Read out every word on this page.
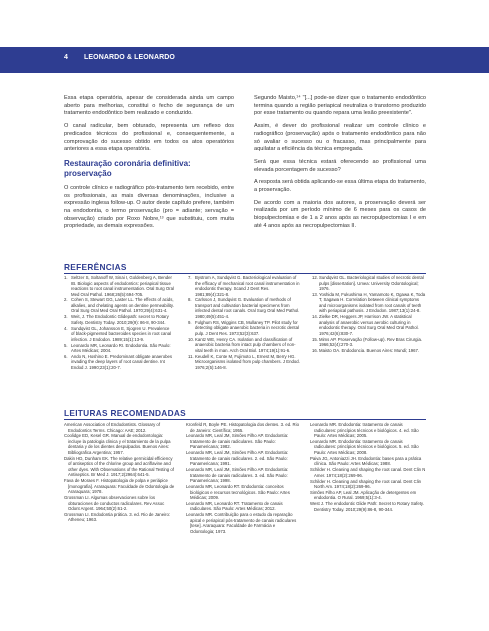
4 LEONARDO & LEONARDO

Essa etapa operatória, apesar de considerada ainda um campo aberto para melhorias, constitui o fecho de segurança de um tratamento endodôntico bem realizado e conduzido.

O canal radicular, bem obturado, representa um reflexo dos predicados técnicos do profissional e, consequentemente, a comprovação do sucesso obtido em todos os atos operatórios anteriores a essa etapa operatória.

Restauração coronária definitiva: proservação

O controle clínico e radiográfico pós-tratamento tem recebido, entre os profissionais, as mais diversas denominações, inclusive a expressão inglesa follow-up. O autor deste capítulo prefere, também na endodontia, o termo proservação (pro = adiante; servação = observação) criado por Roxo Nobre,¹³ que substituiu, com muita propriedade, as demais expressões.

Segundo Maisto,¹⁴ "[...] pode-se dizer que o tratamento endodôntico termina quando a região periapical neutraliza o transtorno produzido por esse tratamento ou quando repara uma lesão preexistente".

Assim, é dever do profissional realizar um controle clínico e radiográfico (proservação) após o tratamento endodôntico para não só avaliar o sucesso ou o fracasso, mas principalmente para aquilatar a eficiência da técnica empregada.

Será que essa técnica estará oferecendo ao profissional uma elevada porcentagem de sucesso?

A resposta será obtida aplicando-se essa última etapa do tratamento, a proservação.

De acordo com a maioria dos autores, a proservação deverá ser realizada por um período mínimo de 6 meses para os casos de biopulpectomias e de 1 a 2 anos após as necropulpectomias I e em até 4 anos após as necropulpectomias II.

REFERÊNCIAS
1. Seltzer S, Soltanoff W, Sinai I, Goldenberg A, Bender IB. Biologic aspects of endodontics: periapical tissue reactions to root canal instrumentation. Oral Surg Oral Med Oral Pathol. 1968;26(5):694-705.
2. Cohen S, Stewart GG, Laster LL. The effects of acids, alkalies, and chelating agents on dentine permeability. Oral Surg Oral Med Oral Pathol. 1970;29(4):631-4.
3. Weit, J. The Endodontic Glidepath: secret to Rotary Safety. Dentistry Today. 2010;29(9): 86-8, 90-344.
4. Sundqvist GL, Johansson E, Sjogren U. Prevalence of black-pigmented bacteroides species in root canal infection. J Endodon. 1989;15(1):13-9.
5. Leonardo MR, Leonardo RI. Endodontia. São Paulo: Artes Médicas; 2004.
6. Ando N, Hoshino E. Predominant obligate anaerobes invading the deep layers of root canal dentine. Int Endod J. 1990;23(1):20-7.
7. Bystrom A, Sundqvist G. Bacteriological evaluation of the efficacy of mechanical root canal instrumentation in endodontic therapy. Scand J Dent Res. 1981;89(4):321-8.
8. Carlsson J, Sundqvist G. Evaluation of methods of transport and cultivation bacterial specimens from infected dental root canals. Oral Surg Oral Med Pathol. 1980;49(5):451-4.
9. Fulghum RS, Wiggins CB, Mullaney TP. Pilot study for detecting obligate anaerobic bacteria in necrotic dental pulp. J Dent Res. 1973;52(3):637.
10. Kantz WE, Henry CA. Isolation and classification of anaerobic bacteria from intact pulp chambers of non-vital teeth in man. Arch Oral Biol. 1974;19(1):91-6.
11. Keudell K, Conte M, Fujimoto L, Ernest M, Berry HG. Microorganisms isolated from pulp chambers. J Endod. 1976;2(5):146-8.
12. Sundqvist GL. Bacteriological studies of necrotic dental pulps [dissertation]. Umea: University Odontological; 1976.
13. Yoshida M, Fukushima H, Yamamoto K, Ogawa K, Toda T, Sagawa H. Correlation between clinical symptoms and microorganisms isolated from root canals of teeth with periapical pathosis. J Endodon. 1987;13(1):24-8.
14. Zielke DR, Heggers JP, Harrison JW. A statistical analysis of anaerobic versus aerobic culturing in endodontic therapy. Oral Surg Oral Med Oral Pathol. 1976;42(6):830-7.
15. Mims AP. Proservação (Follow-up). Rev Bras Cirurgia. 1966;52(4):270-3.
16. Maisto OA. Endodoncia. Buenos Aires: Mundi; 1967.
LEITURAS RECOMENDADAS
American Association of Endodontists. Glossary of Endodontics Terms. Chicago: AAE; 2012.
Coolidge ED, Kesel GR. Manual de endodontologia: incluye la patologia clinica y el tratamiento de la pulpa dentaria y de los dientes despulpados. Buenos Aires: Bibliografica Argentina; 1957.
Dakin HD, Dunham EK. The relative germicidal efficiency of antiseptics of the chlorine group and acriflavine and other dyes. With Observations of the Rational Testing of Antiseptics. Br Med J. 1917;2(2964):641-5.
Fava de Moraes F. Histopatologia de polpa e periápice [monografia]. Araraquara: Faculdade de Odontologia de Araraquara; 1978.
Grossman LI. Algumas observaciones sobre los obturaciones de conductos radiculares. Rev Assoc Odont Argent. 1964;50(2):61-2.
Grossman LI. Endodontia prática. 3. ed. Rio de Janeiro: Atheneu; 1963.
Kronfeld R, Boyle PE. Histopatologia dos dentes. 3. ed. Rio de Janeiro: Científica; 1955.
Leonardo MR, Leal JM, Simões Filho AP. Endodontia: tratamento de canais radiculares. São Paulo: Panamericana; 1982.
Leonardo MR, Leal JM, Simões Filho AP. Endodontia: tratamento de canais radiculares. 2. ed. São Paulo: Panamericana; 1991.
Leonardo MR, Leal JM, Simões Filho AP. Endodontia: tratamento de canais radiculares. 3. ed. São Paulo: Panamericana; 1998.
Leonardo MR, Leonardo RT. Endodontia: conceitos biológicos e recursos tecnológicos. São Paulo: Artes Médicas; 2009.
Leonardo MR, Leonardo RT. Tratamento de canais radiculares. São Paulo: Artes Médicas; 2012.
Leonardo MR. Contribuição para o estudo da reparação apical e periapical pós-tratamento de canais radiculares [tese]. Araraquara: Faculdade de Farmácia e Odontologia; 1973.
Leonardo MR. Endodontia: tratamento de canais radiculares: princípios técnicos e biológicos. 4. ed. São Paulo: Artes Médicas; 2005.
Leonardo MR. Endodontia: tratamento de canais radiculares: princípios técnicos e biológicos. 5. ed. São Paulo: Artes Médicas; 2008.
Paiva JG, Antoniazzi JH. Endodontia: bases para a prática clínica. São Paulo: Artes Médicas; 1988.
Schilder H. Cleaning and shaping the root canal. Dent Clin N Amer. 1974;18(2):269-96.
Schilder H. Cleaning and shaping the root canal. Dent Clin North Am. 1974;18(2):269-96.
Simões Filho AP, Leal JM. Aplicação de detergentes em endodontia. O Rural. 1969;5(1):3-4.
West J. The endodontic Glide Path: Secret to Rotary Safety. Dentistry Today. 2010;29(9):86-8, 90-344.
